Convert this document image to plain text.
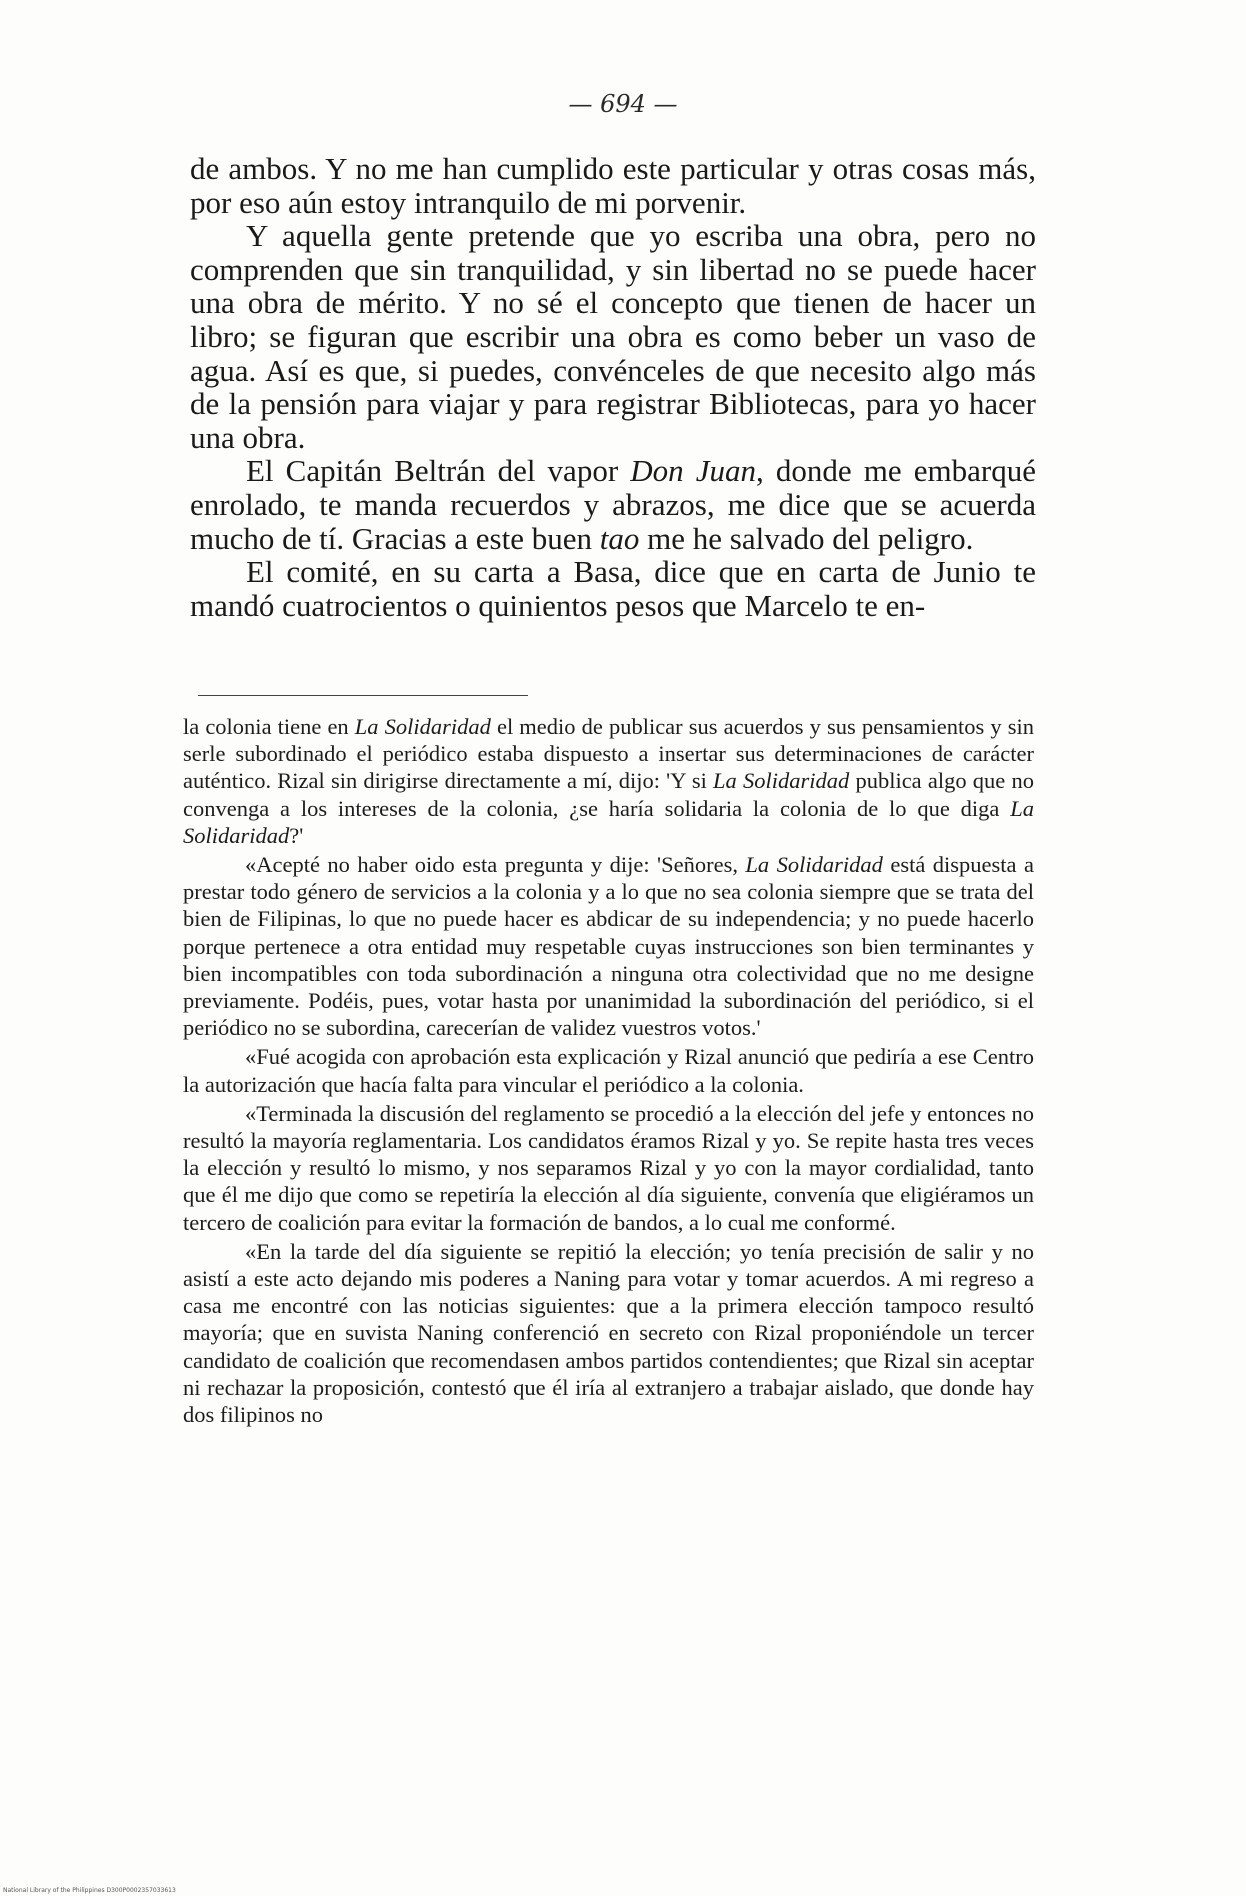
— 694 —

de ambos. Y no me han cumplido este particular y otras cosas más, por eso aún estoy intranquilo de mi porvenir.

Y aquella gente pretende que yo escriba una obra, pero no comprenden que sin tranquilidad, y sin libertad no se puede hacer una obra de mérito. Y no sé el concepto que tienen de hacer un libro; se figuran que escribir una obra es como beber un vaso de agua. Así es que, si puedes, convénceles de que necesito algo más de la pensión para viajar y para registrar Bibliotecas, para yo hacer una obra.

El Capitán Beltrán del vapor Don Juan, donde me embarqué enrolado, te manda recuerdos y abrazos, me dice que se acuerda mucho de tí. Gracias a este buen tao me he salvado del peligro.

El comité, en su carta a Basa, dice que en carta de Junio te mandó cuatrocientos o quinientos pesos que Marcelo te en-

la colonia tiene en La Solidaridad el medio de publicar sus acuerdos y sus pensamientos y sin serle subordinado el periódico estaba dispuesto a insertar sus determinaciones de carácter auténtico. Rizal sin dirigirse directamente a mí, dijo: 'Y si La Solidaridad publica algo que no convenga a los intereses de la colonia, ¿se haría solidaria la colonia de lo que diga La Solidaridad?'

«Acepté no haber oido esta pregunta y dije: 'Señores, La Solidaridad está dispuesta a prestar todo género de servicios a la colonia y a lo que no sea colonia siempre que se trata del bien de Filipinas, lo que no puede hacer es abdicar de su independencia; y no puede hacerlo porque pertenece a otra entidad muy respetable cuyas instrucciones son bien terminantes y bien incompatibles con toda subordinación a ninguna otra colectividad que no me designe previamente. Podéis, pues, votar hasta por unanimidad la subordinación del periódico, si el periódico no se subordina, carecerían de validez vuestros votos.'

«Fué acogida con aprobación esta explicación y Rizal anunció que pediría a ese Centro la autorización que hacía falta para vincular el periódico a la colonia.

«Terminada la discusión del reglamento se procedió a la elección del jefe y entonces no resultó la mayoría reglamentaria. Los candidatos éramos Rizal y yo. Se repite hasta tres veces la elección y resultó lo mismo, y nos separamos Rizal y yo con la mayor cordialidad, tanto que él me dijo que como se repetiría la elección al día siguiente, convenía que eligiéramos un tercero de coalición para evitar la formación de bandos, a lo cual me conformé.

«En la tarde del día siguiente se repitió la elección; yo tenía precisión de salir y no asistí a este acto dejando mis poderes a Naning para votar y tomar acuerdos. A mi regreso a casa me encontré con las noticias siguientes: que a la primera elección tampoco resultó mayoría; que en suvista Naning conferenció en secreto con Rizal proponiéndole un tercer candidato de coalición que recomendasen ambos partidos contendientes; que Rizal sin aceptar ni rechazar la proposición, contestó que él iría al extranjero a trabajar aislado, que donde hay dos filipinos no

National Library of the Philippines D300P0002357033613
